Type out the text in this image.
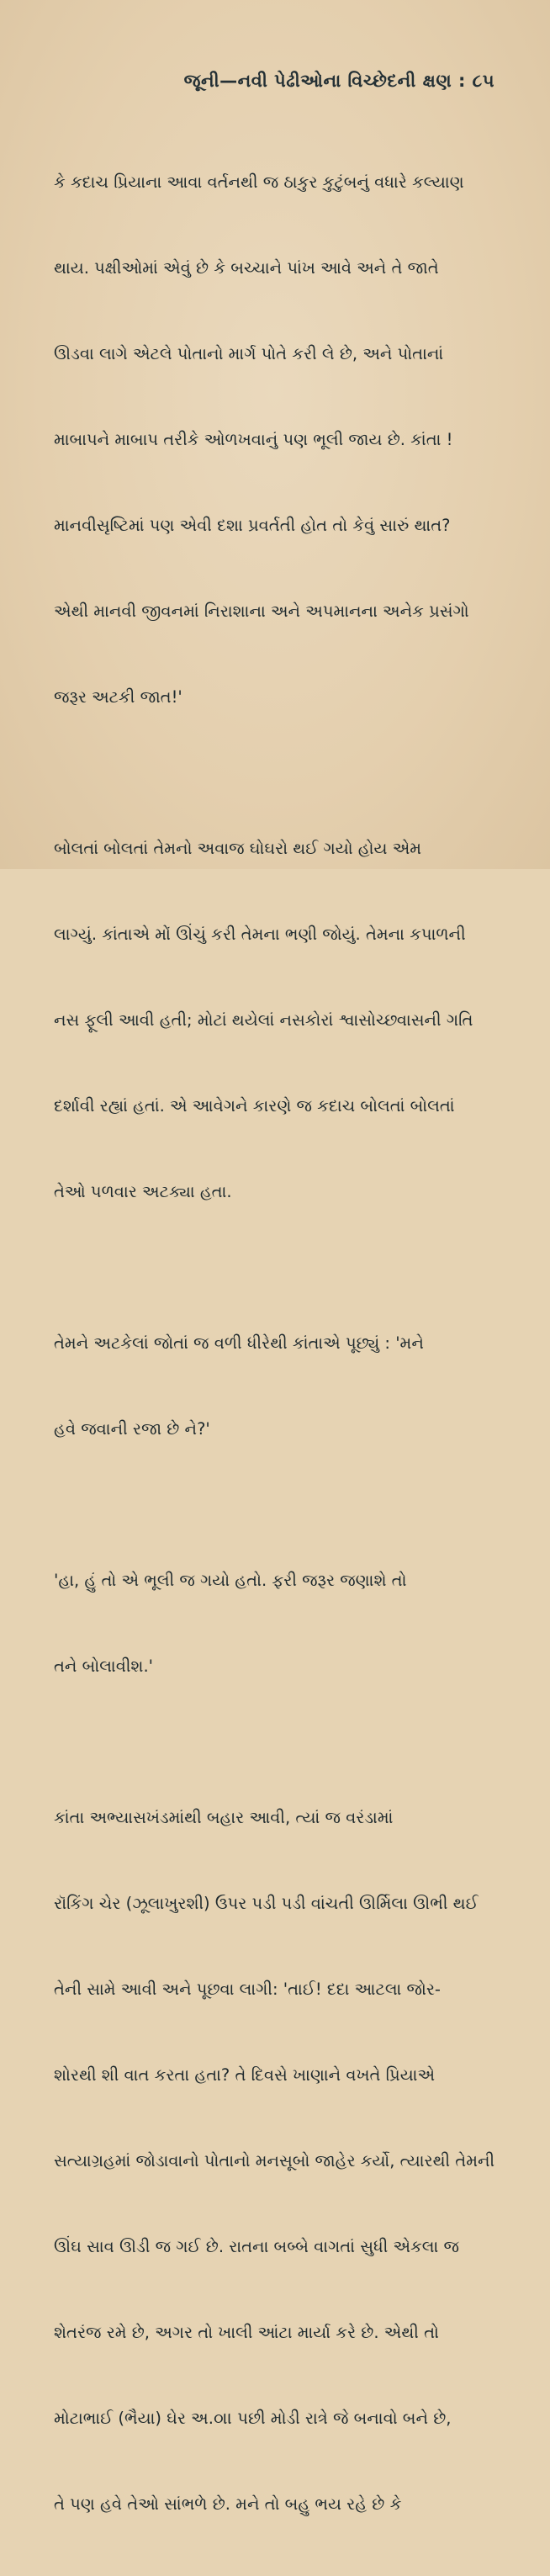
જૂની—નવી પેઢીઓના વિચ્છેદની ક્ષણ : ૮૫

કે કદાચ પ્રિયાના આવા વર્તનથી જ ઠાકુર કુટુંબનું વધારે કલ્યાણ

થાય. પક્ષીઓમાં એવું છે કે બચ્ચાને પાંખ આવે અને તે જાતે

ઊડવા લાગે એટલે પોતાનો માર્ગ પોતે કરી લે છે, અને પોતાનાં

માબાપને માબાપ તરીકે ઓળખવાનું પણ ભૂલી જાય છે. કાંતા !

માનવીસૃષ્ટિમાં પણ એવી દશા પ્રવર્તતી હોત તો કેવું સારું થાત?

એથી માનવી જીવનમાં નિરાશાના અને અપમાનના અનેક પ્રસંગો

જરૂર અટકી જાત!'

બોલતાં બોલતાં તેમનો અવાજ ઘોઘરો થઈ ગયો હોય એમ

લાગ્યું. કાંતાએ મોં ઊંચું કરી તેમના ભણી જોયું. તેમના કપાળની

નસ ફૂલી આવી હતી; મોટાં થયેલાં નસકોરાં શ્વાસોચ્છ્વાસની ગતિ

દર્શાવી રહ્યાં હતાં. એ આવેગને કારણે જ કદાચ બોલતાં બોલતાં

તેઓ પળવાર અટક્યા હતા.

તેમને અટકેલાં જોતાં જ વળી ધીરેથી કાંતાએ પૂછ્યું : 'મને

હવે જવાની રજા છે ને?'

'હા, હું તો એ ભૂલી જ ગયો હતો. ફરી જરૂર જણાશે તો

તને બોલાવીશ.'

કાંતા અભ્યાસખંડમાંથી બહાર આવી, ત્યાં જ વરંડામાં

રૉકિંગ ચેર (ઝૂલાખુરશી) ઉપર પડી પડી વાંચતી ઊર્મિલા ઊભી થઈ

તેની સામે આવી અને પૂછવા લાગી: 'તાઈ! દદા આટલા જોર-

શોરથી શી વાત કરતા હતા? તે દિવસે ખાણાને વખતે પ્રિયાએ

સત્યાગ્રહમાં જોડાવાનો પોતાનો મનસૂબો જાહેર કર્યો, ત્યારથી તેમની

ઊંઘ સાવ ઊડી જ ગઈ છે. રાતના બબ્બે વાગતાં સુધી એકલા જ

શેતરંજ રમે છે, અગર તો ખાલી આંટા માર્યા કરે છે. એથી તો

મોટાભાઈ (ભૈયા) ઘેર અ.૦।। પછી મોડી રાત્રે જે બનાવો બને છે,

તે પણ હવે તેઓ સાંભળે છે. મને તો બહુ ભય રહે છે કે
